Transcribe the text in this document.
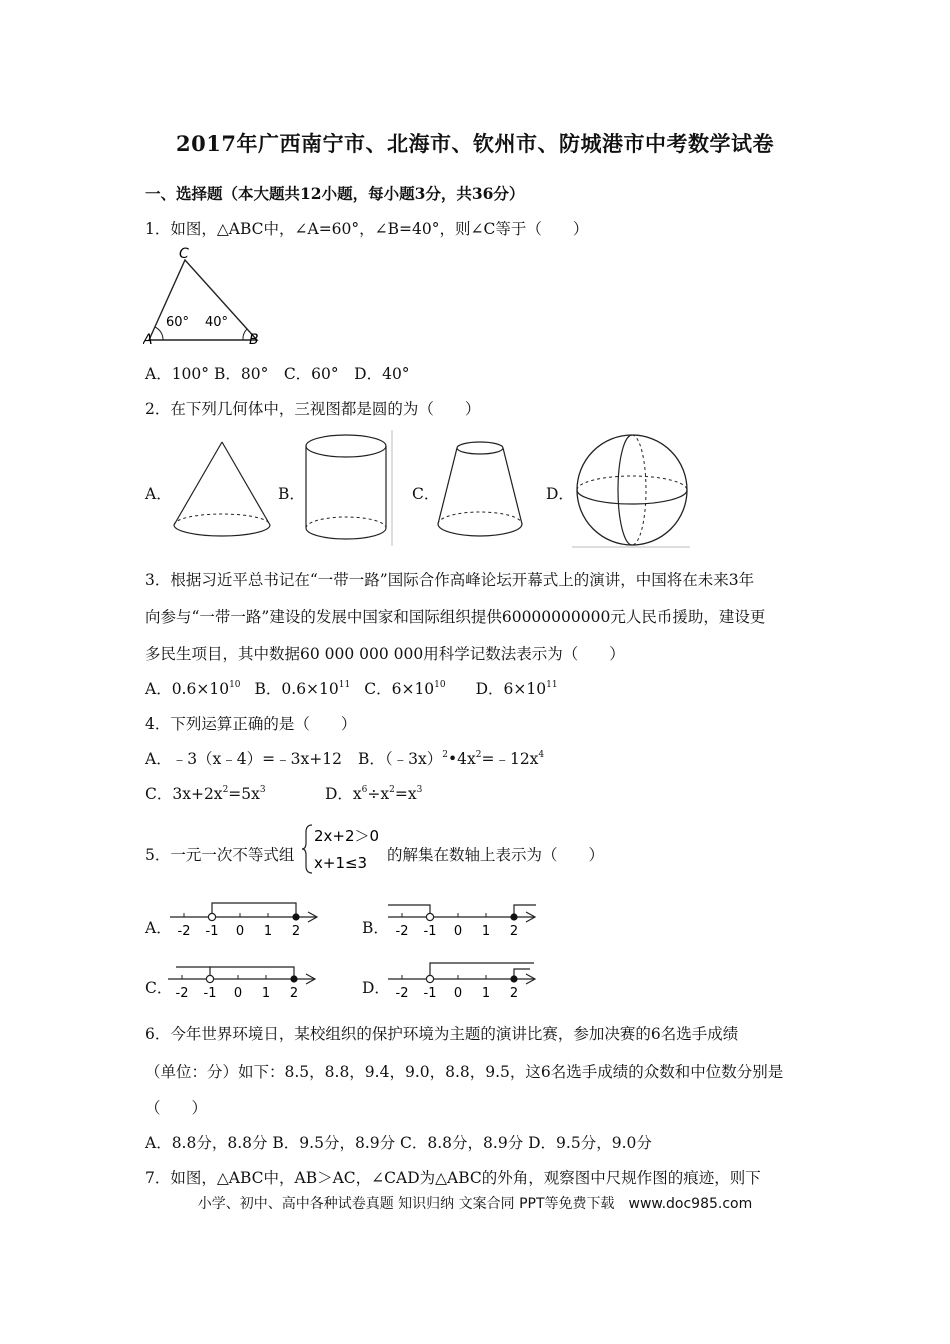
2017年广西南宁市、北海市、钦州市、防城港市中考数学试卷
一、选择题（本大题共12小题，每小题3分，共36分）
1．如图，△ABC中，∠A=60°，∠B=40°，则∠C等于（　　）
C
A	B
60° 40°
A．100° B．80°　C．60°　D．40°
2．在下列几何体中，三视图都是圆的为（　　）
A．	B．	C．	D．
3．根据习近平总书记在“一带一路”国际合作高峰论坛开幕式上的演讲，中国将在未来3年
向参与“一带一路”建设的发展中国家和国际组织提供60000000000元人民币援助，建设更
多民生项目，其中数据60 000 000 000用科学记数法表示为（　　）
A．$0.6\times 10^{10}$ B．$0.6\times 10^{11}$ C．$6\times 10^{10}$ D．$6\times 10^{11}$
4．下列运算正确的是（　　）
A．﹣3（x﹣4）=﹣3x+12 B．$(﹣3x)^2•4x^2=﹣12x^4$
C．$3x+2x^2=5x^3$	D．$x^6\div x^2=x^3$
5．一元一次不等式组
2x+2＞0
x+1≤3 的解集在数轴上表示为（　　）
A．	B．
C．	D．
-2 -1 0 1 2	-2 -1 0 1 2
-2 -1 0 1 2	-2 -1 0 1 2
6．今年世界环境日，某校组织的保护环境为主题的演讲比赛，参加决赛的6名选手成绩
（单位：分）如下：8.5，8.8，9.4，9.0，8.8，9.5，这6名选手成绩的众数和中位数分别是
（　　）
A．8.8分，8.8分 B．9.5分，8.9分 C．8.8分，8.9分 D．9.5分，9.0分
7．如图，△ABC中，AB＞AC，∠CAD为△ABC的外角，观察图中尺规作图的痕迹，则下
小学、初中、高中各种试卷真题 知识归纳 文案合同 PPT等免费下载　www.doc985.com
